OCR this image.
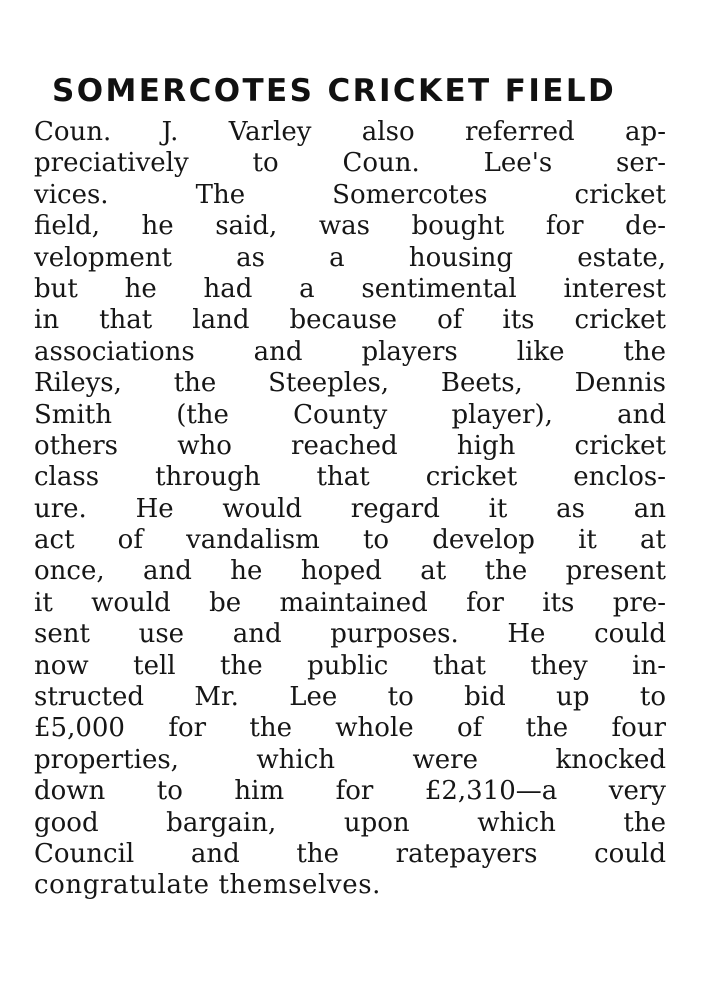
SOMERCOTES CRICKET FIELD
Coun. J. Varley also referred ap-
preciatively to Coun. Lee's ser-
vices. The Somercotes cricket
field, he said, was bought for de-
velopment as a housing estate,
but he had a sentimental interest
in that land because of its cricket
associations and players like the
Rileys, the Steeples, Beets, Dennis
Smith (the County player), and
others who reached high cricket
class through that cricket enclos-
ure. He would regard it as an
act of vandalism to develop it at
once, and he hoped at the present
it would be maintained for its pre-
sent use and purposes. He could
now tell the public that they in-
structed Mr. Lee to bid up to
£5,000 for the whole of the four
properties, which were knocked
down to him for £2,310—a very
good bargain, upon which the
Council and the ratepayers could
congratulate themselves.
